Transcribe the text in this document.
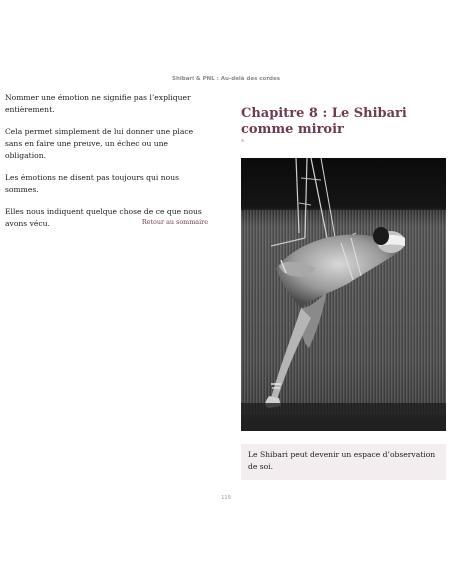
Shibari & PNL : Au-delà des cordes

Nommer une émotion ne signifie pas l’expliquer entièrement.

Cela permet simplement de lui donner une place sans en faire une preuve, un échec ou une obligation.

Les émotions ne disent pas toujours qui nous sommes.

Elles nous indiquent quelque chose de ce que nous avons vécu.	Retour au sommaire
Chapitre 8 : Le Shibari comme miroir
*
Le Shibari peut devenir un espace d’observation de soi.
119
